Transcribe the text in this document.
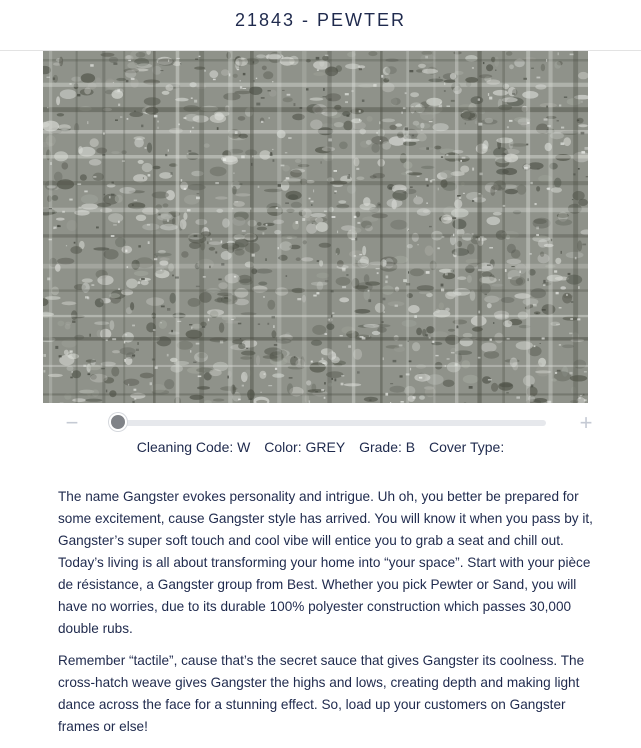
21843 - PEWTER
−	+
Cleaning Code: W Color: GREY Grade: B Cover Type:

The name Gangster evokes personality and intrigue. Uh oh, you better be prepared for some excitement, cause Gangster style has arrived. You will know it when you pass by it, Gangster’s super soft touch and cool vibe will entice you to grab a seat and chill out. Today’s living is all about transforming your home into “your space”. Start with your pièce de résistance, a Gangster group from Best. Whether you pick Pewter or Sand, you will have no worries, due to its durable 100% polyester construction which passes 30,000 double rubs.

Remember “tactile”, cause that’s the secret sauce that gives Gangster its coolness. The cross-hatch weave gives Gangster the highs and lows, creating depth and making light dance across the face for a stunning effect. So, load up your customers on Gangster frames or else!
